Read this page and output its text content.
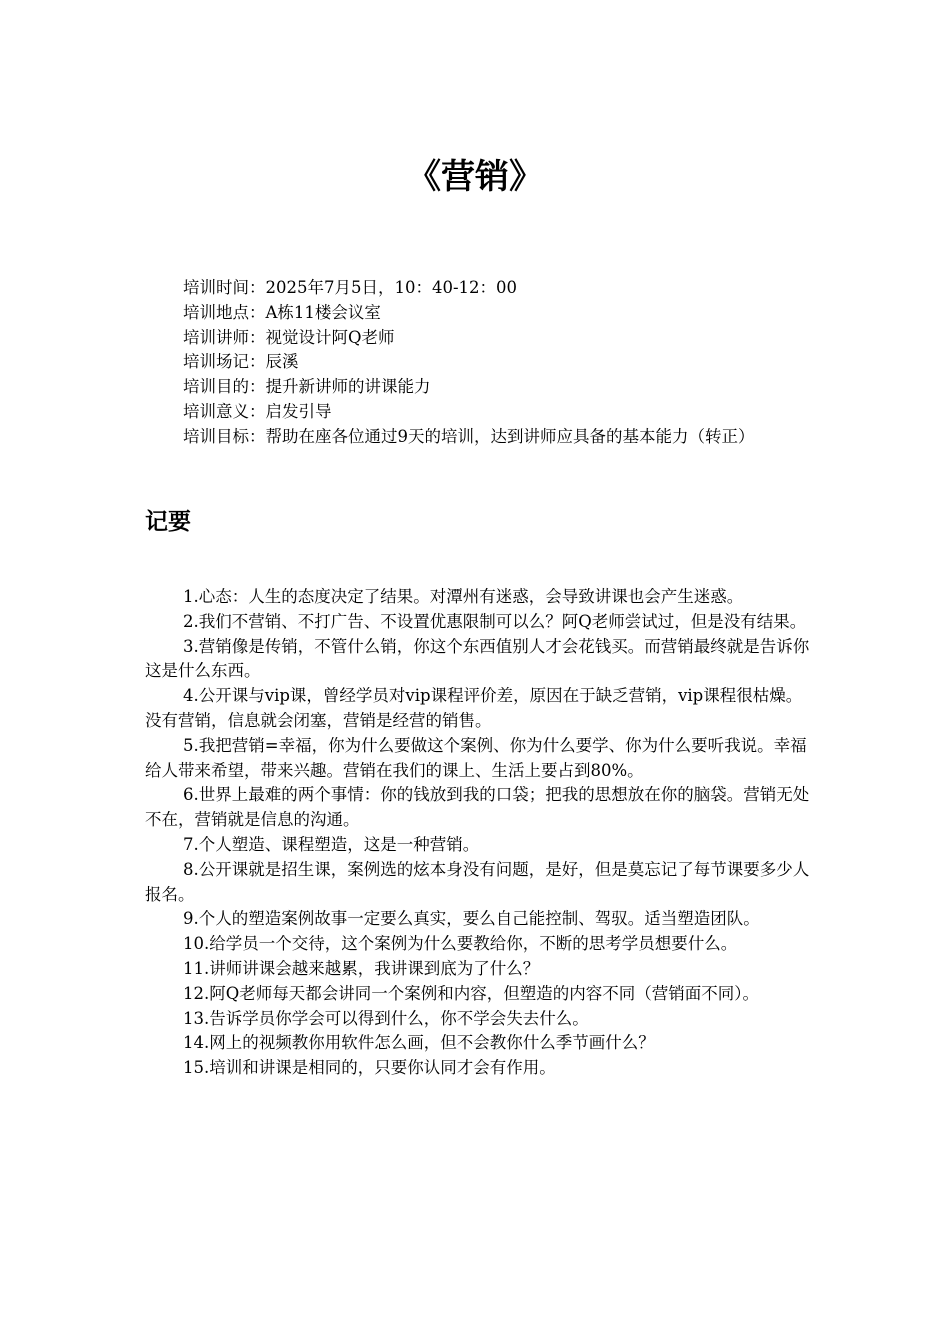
《营销》

培训时间：2025年7月5日，10：40-12：00

培训地点：A栋11楼会议室

培训讲师：视觉设计阿Q老师

培训场记：辰溪

培训目的：提升新讲师的讲课能力

培训意义：启发引导

培训目标：帮助在座各位通过9天的培训，达到讲师应具备的基本能力（转正）

记要

1.心态：人生的态度决定了结果。对潭州有迷惑，会导致讲课也会产生迷惑。

2.我们不营销、不打广告、不设置优惠限制可以么？阿Q老师尝试过，但是没有结果。

3.营销像是传销，不管什么销，你这个东西值别人才会花钱买。而营销最终就是告诉你这是什么东西。

4.公开课与vip课，曾经学员对vip课程评价差，原因在于缺乏营销，vip课程很枯燥。没有营销，信息就会闭塞，营销是经营的销售。

5.我把营销=幸福，你为什么要做这个案例、你为什么要学、你为什么要听我说。幸福给人带来希望，带来兴趣。营销在我们的课上、生活上要占到80%。

6.世界上最难的两个事情：你的钱放到我的口袋；把我的思想放在你的脑袋。营销无处不在，营销就是信息的沟通。

7.个人塑造、课程塑造，这是一种营销。

8.公开课就是招生课，案例选的炫本身没有问题，是好，但是莫忘记了每节课要多少人报名。

9.个人的塑造案例故事一定要么真实，要么自己能控制、驾驭。适当塑造团队。

10.给学员一个交待，这个案例为什么要教给你，不断的思考学员想要什么。

11.讲师讲课会越来越累，我讲课到底为了什么？

12.阿Q老师每天都会讲同一个案例和内容，但塑造的内容不同（营销面不同）。

13.告诉学员你学会可以得到什么，你不学会失去什么。

14.网上的视频教你用软件怎么画，但不会教你什么季节画什么？

15.培训和讲课是相同的，只要你认同才会有作用。
